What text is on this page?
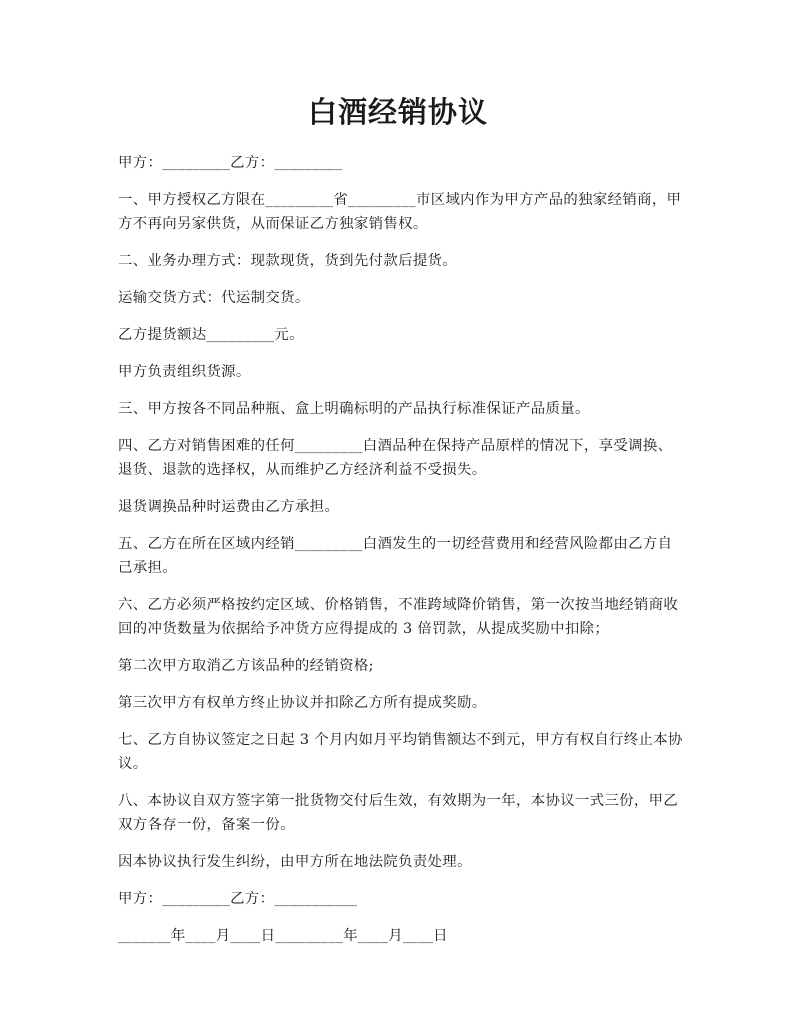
白酒经销协议

甲方：_________乙方：_________

一、甲方授权乙方限在_________省_________市区域内作为甲方产品的独家经销商，甲方不再向另家供货，从而保证乙方独家销售权。

二、业务办理方式：现款现货，货到先付款后提货。

运输交货方式：代运制交货。

乙方提货额达_________元。

甲方负责组织货源。

三、甲方按各不同品种瓶、盒上明确标明的产品执行标准保证产品质量。

四、乙方对销售困难的任何_________白酒品种在保持产品原样的情况下，享受调换、退货、退款的选择权，从而维护乙方经济利益不受损失。

退货调换品种时运费由乙方承担。

五、乙方在所在区域内经销_________白酒发生的一切经营费用和经营风险都由乙方自己承担。

六、乙方必须严格按约定区域、价格销售，不准跨域降价销售，第一次按当地经销商收回的冲货数量为依据给予冲货方应得提成的 3 倍罚款，从提成奖励中扣除；

第二次甲方取消乙方该品种的经销资格;

第三次甲方有权单方终止协议并扣除乙方所有提成奖励。

七、乙方自协议签定之日起 3 个月内如月平均销售额达不到元，甲方有权自行终止本协议。

八、本协议自双方签字第一批货物交付后生效，有效期为一年，本协议一式三份，甲乙双方各存一份，备案一份。

因本协议执行发生纠纷，由甲方所在地法院负责处理。

甲方：_________乙方：___________

_______年____月____日_________年____月____日
